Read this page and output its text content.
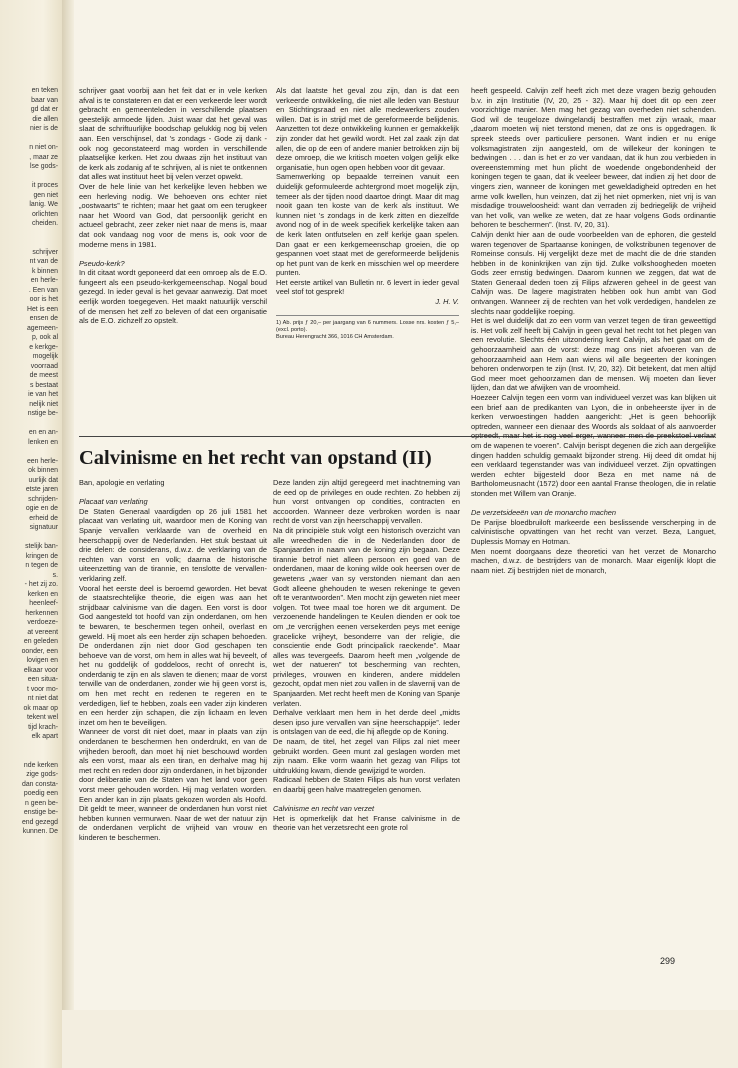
en teken
baar van
gd dat er
die allen
nier is de

n niet on-
, maar ze
lse gods-

it proces
gen niet
lanig. We
orlichten
cheiden.

schrijver
nt van de
k binnen
en herle-
. Een van
oor is het
Het is een
ensen de
agemeen-
p, ook al
e kerkge-
mogelijk
voorraad
de meest
s bestaat
ie van het
nelijk niet
nstige be-

en en an-
lenken en

een herle-
ok binnen
uurlijk dat
etste jaren
schrijden-
ogie en de
erheid de
signatuur

stelijk ban-
kringen de
n tegen de
s.
- het zij zo.
kerken en
heenleef-
herkennen
verdoeze-
at vereent
en geleden
oonder, een
lovigen en
elkaar voor
een situa-
t voor mo-
nt niet dat
ok maar op
tekent wel
tijd krach-
elk apart

nde kerken
zige gods-
dan consta-
poedig een
n geen be-
enstige be-
end gezegd
kunnen. De

schrijver gaat voorbij aan het feit dat er in vele kerken afval is te constateren en dat er een verkeerde leer wordt gebracht en gemeenteleden in verschillende plaatsen geestelijk armoede lijden. Juist waar dat het geval was slaat de schriftuurlijke boodschap gelukkig nog bij velen aan. Een verschijnsel, dat 's zondags - Gode zij dank - ook nog geconstateerd mag worden in verschillende plaatselijke kerken. Het zou dwaas zijn het instituut van de kerk als zodanig af te schrijven, al is niet te ontkennen dat alles wat instituut heet bij velen verzet opwekt.

Over de hele linie van het kerkelijke leven hebben we een herleving nodig. We behoeven ons echter niet „oostwaarts” te richten; maar het gaat om een terugkeer naar het Woord van God, dat persoonlijk gericht en actueel gebracht, zeer zeker niet naar de mens is, maar dat ook vandaag nog voor de mens is, ook voor de moderne mens in 1981.

Pseudo-kerk?

In dit citaat wordt geponeerd dat een omroep als de E.O. fungeert als een pseudo-kerkgemeenschap. Nogal boud gezegd. In ieder geval is het gevaar aanwezig. Dat moet eerlijk worden toegegeven. Het maakt natuurlijk verschil of de mensen het zelf zo beleven of dat een organisatie als de E.O. zichzelf zo opstelt.

Als dat laatste het geval zou zijn, dan is dat een verkeerde ontwikkeling, die niet alle leden van Bestuur en Stichtingsraad en niet alle medewerkers zouden willen. Dat is in strijd met de gereformeerde belijdenis. Aanzetten tot deze ontwikkeling kunnen er gemakkelijk zijn zonder dat het gewild wordt. Het zal zaak zijn dat allen, die op de een of andere manier betrokken zijn bij deze omroep, die we kritisch moeten volgen gelijk elke organisatie, hun ogen open hebben voor dit gevaar.

Samenwerking op bepaalde terreinen vanuit een duidelijk geformuleerde achtergrond moet mogelijk zijn, temeer als der tijden nood daartoe dringt. Maar dit mag nooit gaan ten koste van de kerk als instituut. We kunnen niet 's zondags in de kerk zitten en diezelfde avond nog of in de week specifiek kerkelijke taken aan de kerk laten ontfutselen en zelf kerkje gaan spelen. Dan gaat er een kerkgemeenschap groeien, die op gespannen voet staat met de gereformeerde belijdenis op het punt van de kerk en misschien wel op meerdere punten.

Het eerste artikel van Bulletin nr. 6 levert in ieder geval veel stof tot gesprek!

J. H. V.
1) Ab. prijs ƒ 20,– per jaargang van 6 nummers. Losse nrs. kosten ƒ 5,– (excl. porto).
Bureau Herengracht 366, 1016 CH Amsterdam.
Calvinisme en het recht van opstand (II)

Ban, apologie en verlating

Placaat van verlating

De Staten Generaal vaardigden op 26 juli 1581 het placaat van verlating uit, waardoor men de Koning van Spanje vervallen verklaarde van de overheid en heerschappij over de Nederlanden. Het stuk bestaat uit drie delen: de considerans, d.w.z. de verklaring van de rechten van vorst en volk; daarna de historische uiteenzetting van de tirannie, en tenslotte de vervallen-verklaring zelf.

Vooral het eerste deel is beroemd geworden. Het bevat de staatsrechtelijke theorie, die eigen was aan het strijdbaar calvinisme van die dagen. Een vorst is door God aangesteld tot hoofd van zijn onderdanen, om hen te bewaren, te beschermen tegen onheil, overlast en geweld. Hij moet als een herder zijn schapen behoeden. De onderdanen zijn niet door God geschapen ten behoeve van de vorst, om hem in alles wat hij beveelt, of het nu goddelijk of goddeloos, recht of onrecht is, onderdanig te zijn en als slaven te dienen; maar de vorst terwille van de onderdanen, zonder wie hij geen vorst is, om hen met recht en redenen te regeren en te verdedigen, lief te hebben, zoals een vader zijn kinderen en een herder zijn schapen, die zijn lichaam en leven inzet om hen te beveiligen.

Wanneer de vorst dit niet doet, maar in plaats van zijn onderdanen te beschermen hen onderdrukt, en van de vrijheden berooft, dan moet hij niet beschouwd worden als een vorst, maar als een tiran, en derhalve mag hij met recht en reden door zijn onderdanen, in het bijzonder door deliberatie van de Staten van het land voor geen vorst meer gehouden worden. Hij mag verlaten worden. Een ander kan in zijn plaats gekozen worden als Hoofd. Dit geldt te meer, wanneer de onderdanen hun vorst niet hebben kunnen vermurwen. Naar de wet der natuur zijn de onderdanen verplicht de vrijheid van vrouw en kinderen te beschermen.

Deze landen zijn altijd geregeerd met inachtneming van de eed op de privileges en oude rechten. Zo hebben zij hun vorst ontvangen op condities, contracten en accoorden. Wanneer deze verbroken worden is naar recht de vorst van zijn heerschappij vervallen.

Na dit principiële stuk volgt een historisch overzicht van alle wreedheden die in de Nederlanden door de Spanjaarden in naam van de koning zijn begaan. Deze tirannie betrof niet alleen persoon en goed van de onderdanen, maar de koning wilde ook heersen over de gewetens „waer van sy verstonden niemant dan aen Godt alleene ghehouden te wesen rekeninge te geven oft te verantwoorden”. Men mocht zijn geweten niet meer volgen. Tot twee maal toe horen we dit argument. De verzoenende handelingen te Keulen dienden er ook toe om „te vercrijghen eenen versekerden peys met eenige gracelicke vrijheyt, besonderre van der religie, die conscientie ende Godt principalick raeckende”. Maar alles was tevergeefs. Daarom heeft men „volgende de wet der natueren” tot bescherming van rechten, privileges, vrouwen en kinderen, andere middelen gezocht, opdat men niet zou vallen in de slavernij van de Spanjaarden. Met recht heeft men de Koning van Spanje verlaten.

Derhalve verklaart men hem in het derde deel „midts desen ipso jure vervallen van sijne heerschappije”. Ieder is ontslagen van de eed, die hij aflegde op de Koning.

De naam, de titel, het zegel van Filips zal niet meer gebruikt worden. Geen munt zal geslagen worden met zijn naam. Elke vorm waarin het gezag van Filips tot uitdrukking kwam, diende gewijzigd te worden.

Radicaal hebben de Staten Filips als hun vorst verlaten en daarbij geen halve maatregelen genomen.

Calvinisme en recht van verzet

Het is opmerkelijk dat het Franse calvinisme in de theorie van het verzetsrecht een grote rol

heeft gespeeld. Calvijn zelf heeft zich met deze vragen bezig gehouden b.v. in zijn Institutie (IV, 20, 25 - 32). Maar hij doet dit op een zeer voorzichtige manier. Men mag het gezag van overheden niet schenden. God wil de teugeloze dwingelandij bestraffen met zijn wraak, maar „daarom moeten wij niet terstond menen, dat ze ons is opgedragen. Ik spreek steeds over particuliere personen. Want indien er nu enige volksmagistraten zijn aangesteld, om de willekeur der koningen te bedwingen . . . dan is het er zo ver vandaan, dat ik hun zou verbieden in overeenstemming met hun plicht de woedende ongebondenheid der koningen tegen te gaan, dat ik veeleer beweer, dat indien zij het door de vingers zien, wanneer de koningen met geweldadigheid optreden en het arme volk kwellen, hun veinzen, dat zij het niet opmerken, niet vrij is van misdadige trouweloosheid: want dan verraden zij bedriegelijk de vrijheid van het volk, van welke ze weten, dat ze haar volgens Gods ordinantie behoren te beschermen”. (Inst. IV, 20, 31).

Calvijn denkt hier aan de oude voorbeelden van de ephoren, die gesteld waren tegenover de Spartaanse koningen, de volkstribunen tegenover de Romeinse consuls. Hij vergelijkt deze met de macht die de drie standen hebben in de koninkrijken van zijn tijd. Zulke volkshoogheden moeten Gods zeer ernstig bedwingen. Daarom kunnen we zeggen, dat wat de Staten Generaal deden toen zij Filips afzweren geheel in de geest van Calvijn was. De lagere magistraten hebben ook hun ambt van God ontvangen. Wanneer zij de rechten van het volk verdedigen, handelen ze slechts naar goddelijke roeping.

Het is wel duidelijk dat zo een vorm van verzet tegen de tiran geweettigd is. Het volk zelf heeft bij Calvijn in geen geval het recht tot het plegen van een revolutie. Slechts één uitzondering kent Calvijn, als het gaat om de gehoorzaamheid aan de vorst: deze mag ons niet afvoeren van de gehoorzaamheid aan Hem aan wiens wil alle begeerten der koningen behoren onderworpen te zijn (Inst. IV, 20, 32). Dit betekent, dat men altijd God meer moet gehoorzamen dan de mensen. Wij moeten dan liever lijden, dan dat we afwijken van de vroomheid.

Hoezeer Calvijn tegen een vorm van individueel verzet was kan blijken uit een brief aan de predikanten van Lyon, die in onbeheerste ijver in de kerken verwoestingen hadden aangericht: „Het is geen behoorlijk optreden, wanneer een dienaar des Woords als soldaat of als aanvoerder optreedt, maar het is nog veel erger, wanneer men de preekstoel verlaat om de wapenen te voeren”. Calvijn berispt degenen die zich aan dergelijke dingen hadden schuldig gemaakt bijzonder streng. Hij deed dit omdat hij een verklaard tegenstander was van individueel verzet. Zijn opvattingen werden echter bijgesteld door Beza en met name ná de Bartholomeusnacht (1572) door een aantal Franse theologen, die in relatie stonden met Willem van Oranje.

De verzetsideeën van de monarcho machen

De Parijse bloedbruiloft markeerde een beslissende verscherping in de calvinistische opvattingen van het recht van verzet. Beza, Languet, Duplessis Mornay en Hotman.

Men noemt doorgaans deze theoretici van het verzet de Monarcho machen, d.w.z. de bestrijders van de monarch. Maar eigenlijk klopt die naam niet. Zij bestrijden niet de monarch,

299
